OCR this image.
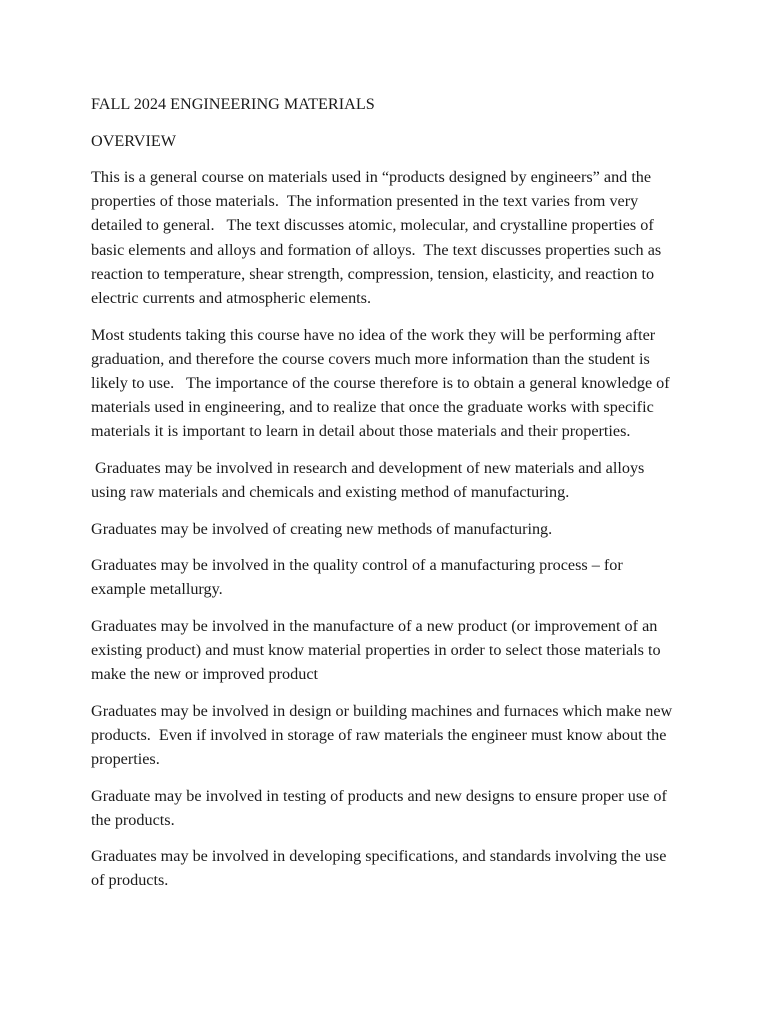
FALL 2024 ENGINEERING MATERIALS

OVERVIEW

This is a general course on materials used in “products designed by engineers” and the properties of those materials.  The information presented in the text varies from very detailed to general.   The text discusses atomic, molecular, and crystalline properties of basic elements and alloys and formation of alloys.  The text discusses properties such as reaction to temperature, shear strength, compression, tension, elasticity, and reaction to electric currents and atmospheric elements.

Most students taking this course have no idea of the work they will be performing after graduation, and therefore the course covers much more information than the student is likely to use.   The importance of the course therefore is to obtain a general knowledge of materials used in engineering, and to realize that once the graduate works with specific materials it is important to learn in detail about those materials and their properties.

Graduates may be involved in research and development of new materials and alloys using raw materials and chemicals and existing method of manufacturing.

Graduates may be involved of creating new methods of manufacturing.

Graduates may be involved in the quality control of a manufacturing process – for example metallurgy.

Graduates may be involved in the manufacture of a new product (or improvement of an existing product) and must know material properties in order to select those materials to make the new or improved product

Graduates may be involved in design or building machines and furnaces which make new products.  Even if involved in storage of raw materials the engineer must know about the properties.

Graduate may be involved in testing of products and new designs to ensure proper use of the products.

Graduates may be involved in developing specifications, and standards involving the use of products.
